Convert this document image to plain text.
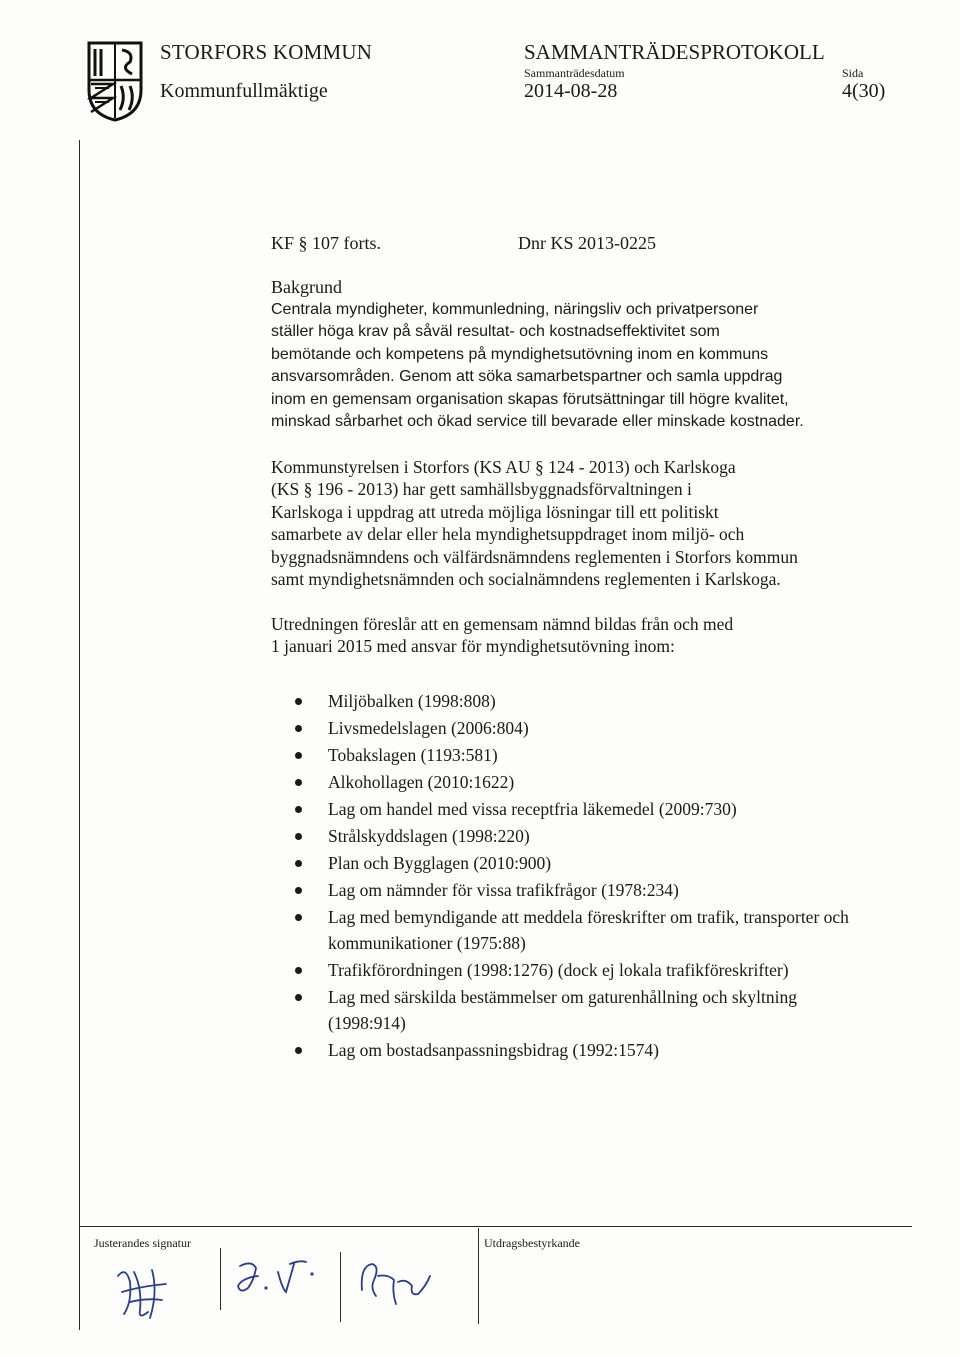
STORFORS KOMMUN
Kommunfullmäktige
SAMMANTRÄDESPROTOKOLL
Sammanträdesdatum
2014-08-28
Sida
4(30)
KF § 107 forts.	Dnr KS 2013-0225
Bakgrund
Centrala myndigheter, kommunledning, näringsliv och privatpersoner
ställer höga krav på såväl resultat- och kostnadseffektivitet som
bemötande och kompetens på myndighetsutövning inom en kommuns
ansvarsområden. Genom att söka samarbetspartner och samla uppdrag
inom en gemensam organisation skapas förutsättningar till högre kvalitet,
minskad sårbarhet och ökad service till bevarade eller minskade kostnader.
Kommunstyrelsen i Storfors (KS AU § 124 - 2013) och Karlskoga
(KS § 196 - 2013) har gett samhällsbyggnadsförvaltningen i
Karlskoga i uppdrag att utreda möjliga lösningar till ett politiskt
samarbete av delar eller hela myndighetsuppdraget inom miljö- och
byggnadsnämndens och välfärdsnämndens reglementen i Storfors kommun
samt myndighetsnämnden och socialnämndens reglementen i Karlskoga.
Utredningen föreslår att en gemensam nämnd bildas från och med
1 januari 2015 med ansvar för myndighetsutövning inom:
Miljöbalken (1998:808)
Livsmedelslagen (2006:804)
Tobakslagen (1193:581)
Alkohollagen (2010:1622)
Lag om handel med vissa receptfria läkemedel (2009:730)
Strålskyddslagen (1998:220)
Plan och Bygglagen (2010:900)
Lag om nämnder för vissa trafikfrågor (1978:234)
Lag med bemyndigande att meddela föreskrifter om trafik, transporter och
kommunikationer (1975:88)
Trafikförordningen (1998:1276) (dock ej lokala trafikföreskrifter)
Lag med särskilda bestämmelser om gaturenhållning och skyltning
(1998:914)
Lag om bostadsanpassningsbidrag (1992:1574)
Justerandes signatur	Utdragsbestyrkande
